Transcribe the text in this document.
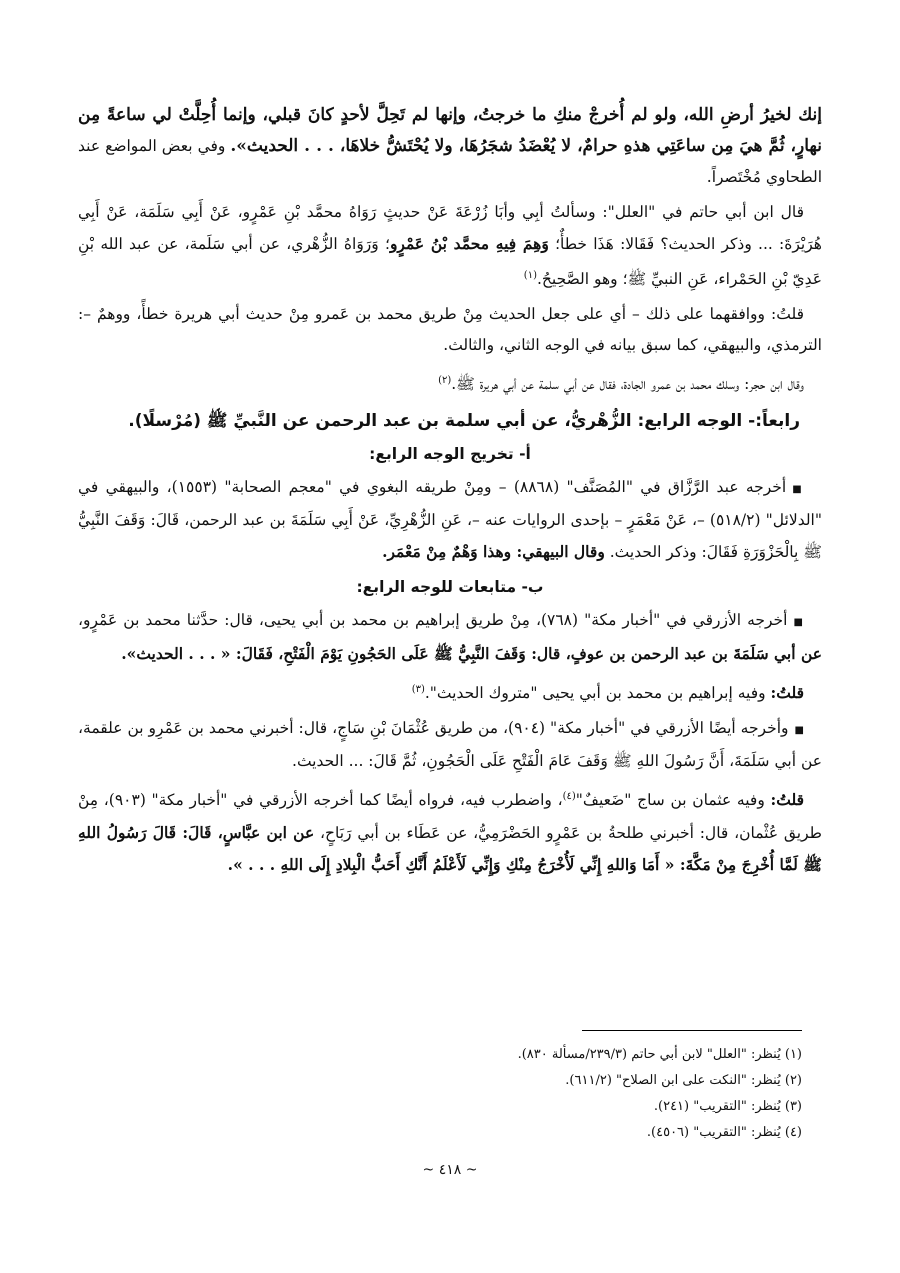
إنك لخيرُ أرضِ الله، ولو لم أُخرجْ منكِ ما خرجتُ، وإنها لم تَحِلَّ لأحدٍ كانَ قبلي، وإنما أُحِلَّتْ لي ساعةً مِن نهارٍ، ثُمَّ هيَ مِن ساعَتِي هذهِ حرامٌ، لا يُعْضَدُ شجَرُهَا، ولا يُحْتَشُّ خلاهَا، . . . الحديث». وفي بعض المواضع عند الطحاوي مُخْتَصراً.

قال ابن أبي حاتم في "العلل": وسألتُ أبِي وأبَا زُرْعَةَ عَنْ حديثٍ رَوَاهُ محمَّد بْنِ عَمْرٍو، عَنْ أَبِي سَلَمَة، عَنْ أَبِي هُرَيْرَةَ: ... وذكر الحديث؟ فَقَالا: هَذَا خطأٌ؛ وَهِمَ فِيهِ محمَّد بْنُ عَمْرٍو؛ وَرَوَاهُ الزُّهْري، عن أبي سَلَمة، عن عبد الله بْنِ عَدِيّ بْنِ الحَمْراء، عَنِ النبيِّ ﷺ؛ وهو الصَّحِيحُ.$^{(١)}$

قلتُ: ووافقهما على ذلك – أي على جعل الحديث مِنْ طريق محمد بن عَمرو مِنْ حديث أبي هريرة خطأً، ووهمٌ –: الترمذي، والبيهقي، كما سبق بيانه في الوجه الثاني، والثالث.

وقال ابن حجر: وسلك محمد بن عمرو الجادة، فقال عن أبي سلمة عن أبي هريرة ﷺ.$^{(٢)}$

رابعاً:- الوجه الرابع: الزُّهْريُّ، عن أبي سلمة بن عبد الرحمن عن النَّبيِّ ﷺ (مُرْسلًا).
أ- تخريج الوجه الرابع:

■أخرجه عبد الرَّزَّاق في "المُصَنَّف" (٨٨٦٨) – ومِنْ طريقه البغوي في "معجم الصحابة" (١٥٥٣)، والبيهقي في "الدلائل" (٥١٨/٢) –، عَنْ مَعْمَرٍ – بإحدى الروايات عنه –، عَنِ الزُّهْرِيِّ، عَنْ أَبِي سَلَمَةَ بن عبد الرحمن، قَالَ: وَقَفَ النَّبِيُّ ﷺ بِالْحَزْوَرَةِ فَقَالَ: وذكر الحديث. وقال البيهقي: وهذا وَهْمٌ مِنْ مَعْمَر.

ب- متابعات للوجه الرابع:

■أخرجه الأزرقي في "أخبار مكة" (٧٦٨)، مِنْ طريق إبراهيم بن محمد بن أبي يحيى، قال: حدَّثنا محمد بن عَمْرٍو، عن أبي سَلَمَةَ بن عبد الرحمن بن عوفٍ، قال: وَقَفَ النَّبِيُّ ﷺ عَلَى الحَجُونِ يَوْمَ الْفَتْحِ، فَقَالَ: « . . . الحديث».

قلتُ: وفيه إبراهيم بن محمد بن أبي يحيى "متروك الحديث".$^{(٣)}$

■وأخرجه أيضًا الأزرقي في "أخبار مكة" (٩٠٤)، من طريق عُثْمَانَ بْنِ سَاجٍ، قال: أخبرني محمد بن عَمْرِو بن علقمة، عن أبي سَلَمَةَ، أَنَّ رَسُولَ اللهِ ﷺ وَقَفَ عَامَ الْفَتْحِ عَلَى الْحَجُونِ، ثُمَّ قَالَ: ... الحديث.

قلتُ: وفيه عثمان بن ساج "ضَعيفٌ"$^{(٤)}$، واضطرب فيه، فرواه أيضًا كما أخرجه الأزرقي في "أخبار مكة" (٩٠٣)، مِنْ طريق عُثْمان، قال: أخبرني طلحةُ بن عَمْرٍو الحَضْرَمِيُّ، عن عَطَاء بن أبي رَبَاحٍ، عن ابن عبَّاسٍ، قَالَ: قَالَ رَسُولُ اللهِ ﷺ لَمَّا أُخْرِجَ مِنْ مَكَّةَ: « أَمَا وَاللهِ إِنِّي لَأُخْرَجُ مِنْكِ وَإِنِّي لَأَعْلَمُ أَنَّكِ أَحَبُّ الْبِلادِ إِلَى اللهِ . . . ».

(١) يُنظر: "العلل" لابن أبي حاتم (٢٣٩/٣/مسألة ٨٣٠).
(٢) يُنظر: "النكت على ابن الصلاح" (٦١١/٢).
(٣) يُنظر: "التقريب" (٢٤١).
(٤) يُنظر: "التقريب" (٤٥٠٦).
~ ٤١٨ ~
